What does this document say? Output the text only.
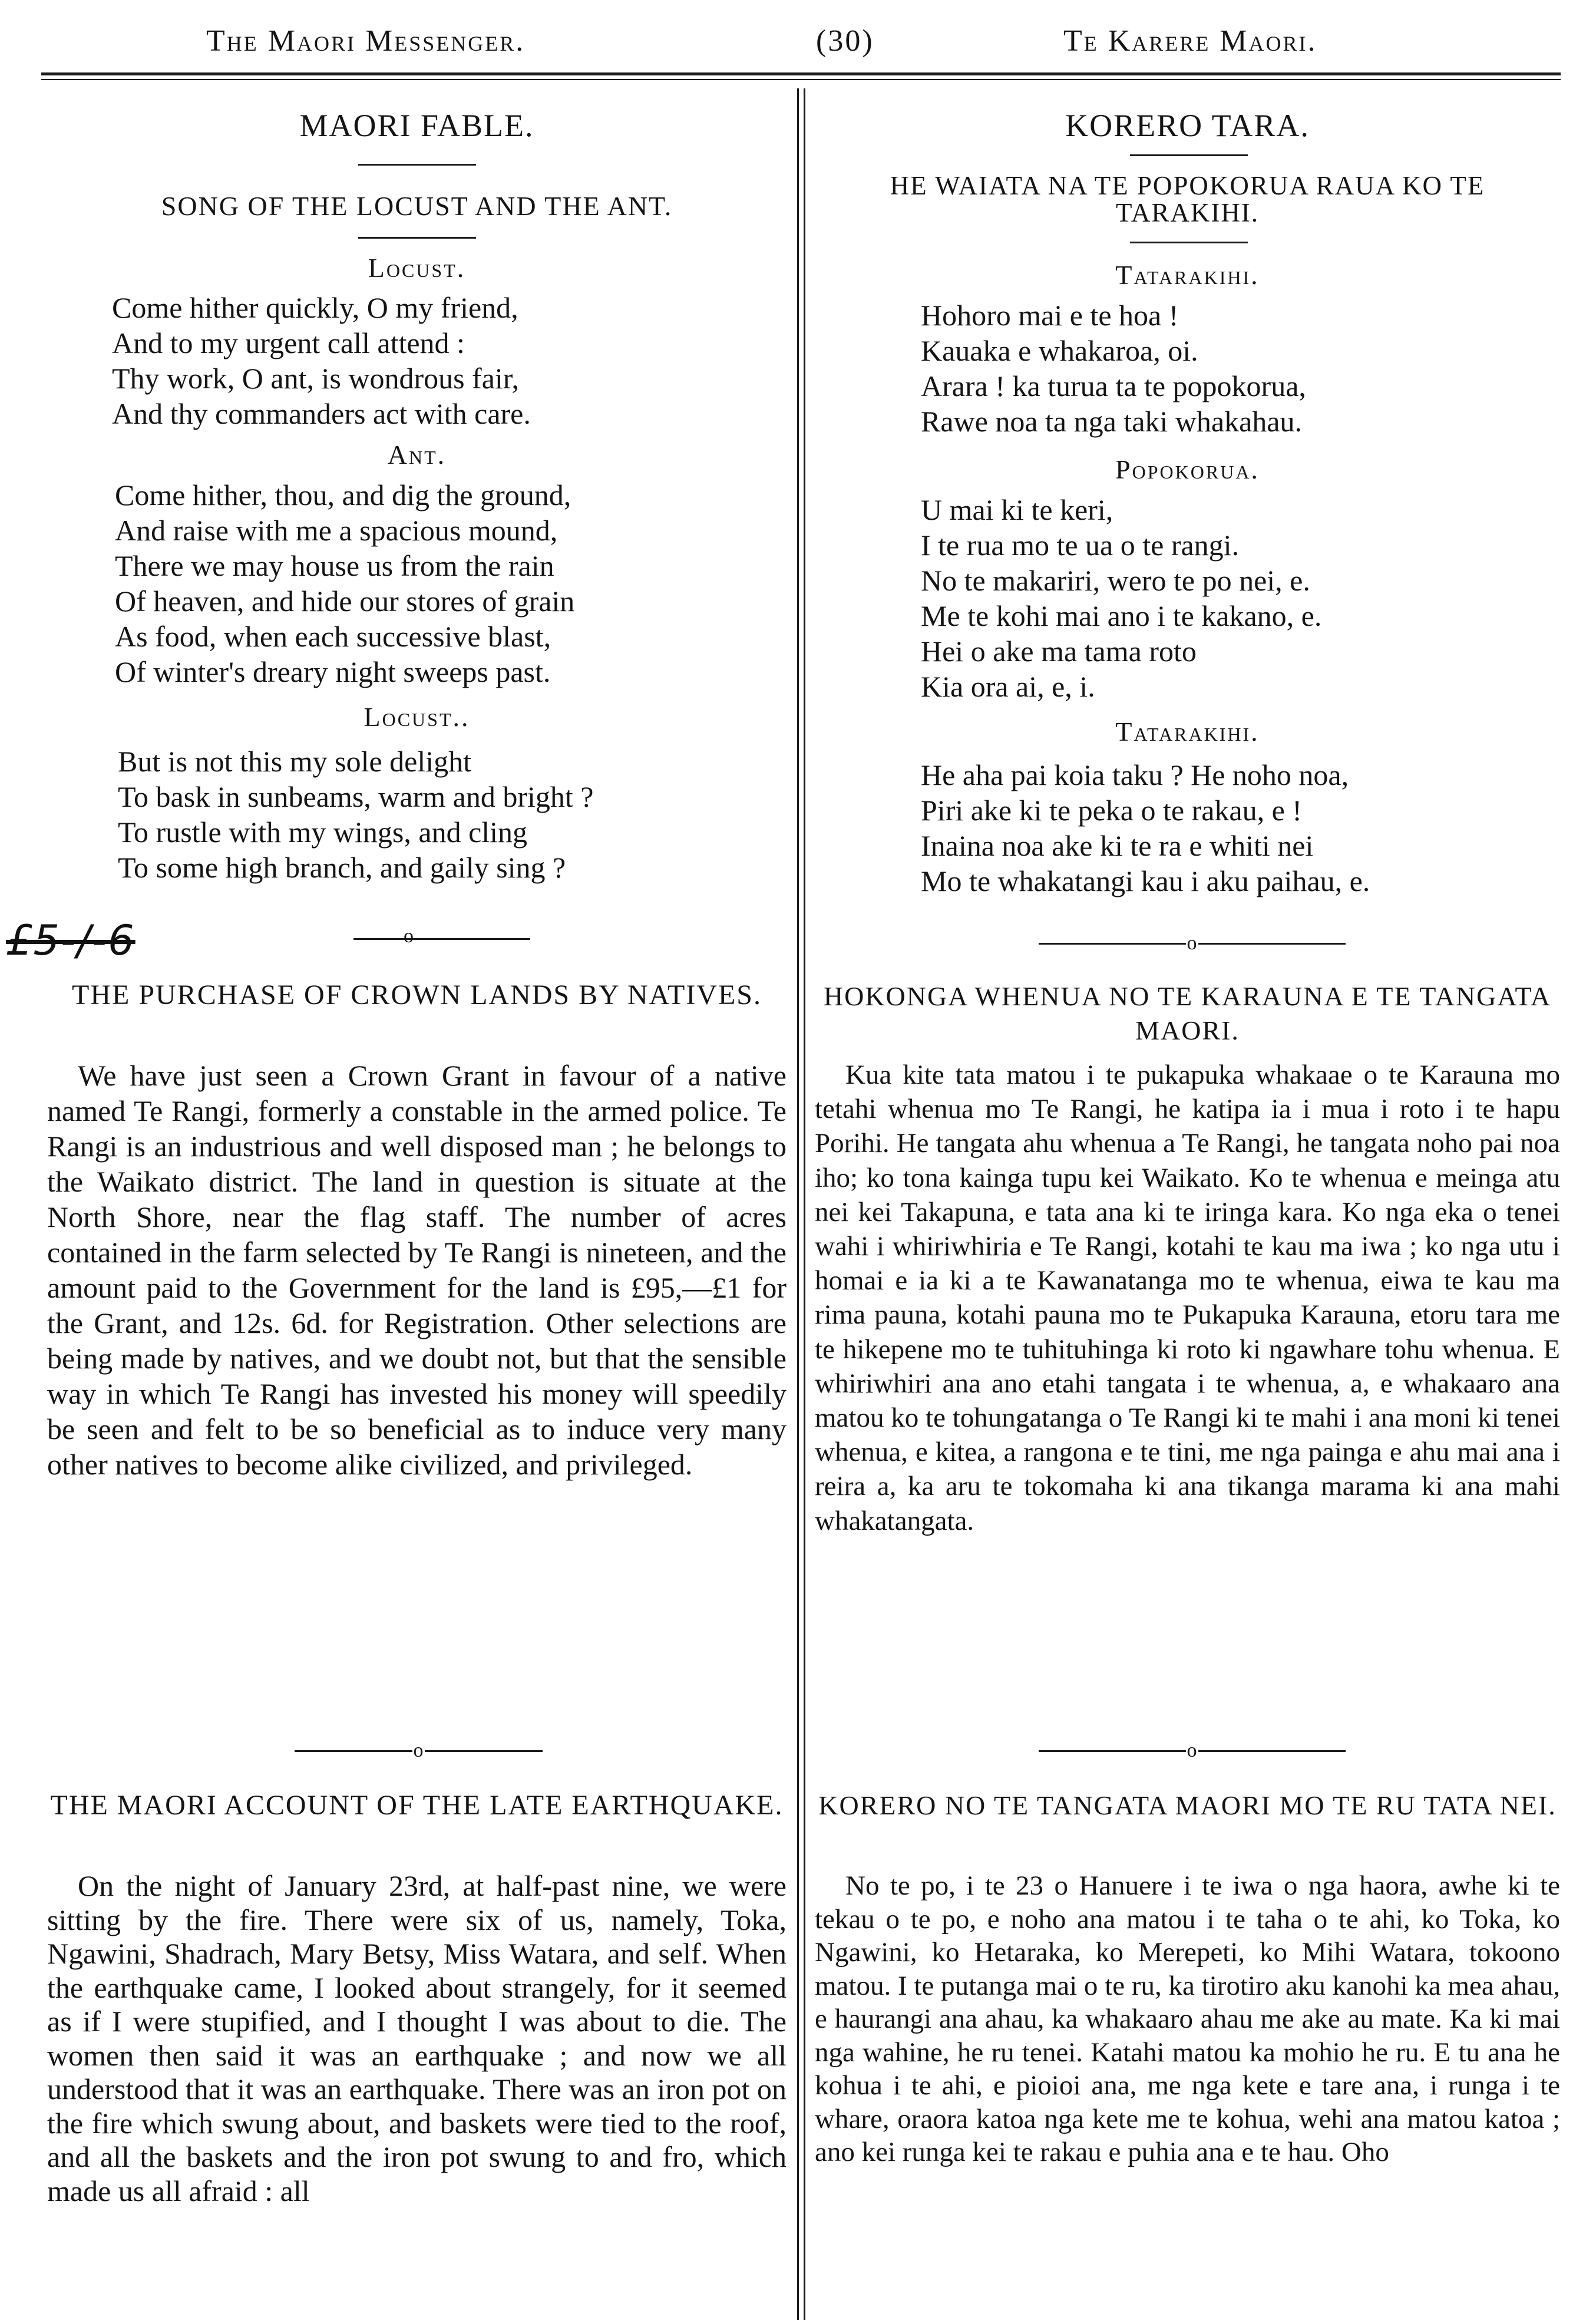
The Maori Messenger.	(30)	Te Karere Maori.
MAORI FABLE.
SONG OF THE LOCUST AND THE ANT.
Locust.
Come hither quickly, O my friend,
And to my urgent call attend :
Thy work, O ant, is wondrous fair,
And thy commanders act with care.
Ant.
Come hither, thou, and dig the ground,
And raise with me a spacious mound,
There we may house us from the rain
Of heaven, and hide our stores of grain
As food, when each successive blast,
Of winter's dreary night sweeps past.
Locust..
But is not this my sole delight
To bask in sunbeams, warm and bright ?
To rustle with my wings, and cling
To some high branch, and gaily sing ?
£5-/-6	o
THE PURCHASE OF CROWN LANDS BY NATIVES.
We have just seen a Crown Grant in favour of a native named Te Rangi, formerly a constable in the armed police. Te Rangi is an industrious and well disposed man ; he belongs to the Waikato district. The land in question is situate at the North Shore, near the flag staff. The number of acres contained in the farm selected by Te Rangi is nineteen, and the amount paid to the Government for the land is £95,—£1 for the Grant, and 12s. 6d. for Registration. Other selections are being made by natives, and we doubt not, but that the sensible way in which Te Rangi has invested his money will speedily be seen and felt to be so beneficial as to induce very many other natives to become alike civilized, and privileged.
o
THE MAORI ACCOUNT OF THE LATE EARTHQUAKE.
On the night of January 23rd, at half-past nine, we were sitting by the fire. There were six of us, namely, Toka, Ngawini, Shadrach, Mary Betsy, Miss Watara, and self. When the earthquake came, I looked about strangely, for it seemed as if I were stupified, and I thought I was about to die. The women then said it was an earthquake ; and now we all understood that it was an earthquake. There was an iron pot on the fire which swung about, and baskets were tied to the roof, and all the baskets and the iron pot swung to and fro, which made us all afraid : all
KORERO TARA.
HE WAIATA NA TE POPOKORUA RAUA KO TE TARAKIHI.
Tatarakihi.
Hohoro mai e te hoa !
Kauaka e whakaroa, oi.
Arara ! ka turua ta te popokorua,
Rawe noa ta nga taki whakahau.
Popokorua.
U mai ki te keri,
I te rua mo te ua o te rangi.
No te makariri, wero te po nei, e.
Me te kohi mai ano i te kakano, e.
Hei o ake ma tama roto
Kia ora ai, e, i.
Tatarakihi.
He aha pai koia taku ? He noho noa,
Piri ake ki te peka o te rakau, e !
Inaina noa ake ki te ra e whiti nei
Mo te whakatangi kau i aku paihau, e.
o
HOKONGA WHENUA NO TE KARAUNA E TE TANGATA MAORI.
Kua kite tata matou i te pukapuka whakaae o te Karauna mo tetahi whenua mo Te Rangi, he katipa ia i mua i roto i te hapu Porihi. He tangata ahu whenua a Te Rangi, he tangata noho pai noa iho; ko tona kainga tupu kei Waikato. Ko te whenua e meinga atu nei kei Takapuna, e tata ana ki te iringa kara. Ko nga eka o tenei wahi i whiriwhiria e Te Rangi, kotahi te kau ma iwa ; ko nga utu i homai e ia ki a te Kawanatanga mo te whenua, eiwa te kau ma rima pauna, kotahi pauna mo te Pukapuka Karauna, etoru tara me te hikepene mo te tuhituhinga ki roto ki ngawhare tohu whenua. E whiriwhiri ana ano etahi tangata i te whenua, a, e whakaaro ana matou ko te tohungatanga o Te Rangi ki te mahi i ana moni ki tenei whenua, e kitea, a rangona e te tini, me nga painga e ahu mai ana i reira a, ka aru te tokomaha ki ana tikanga marama ki ana mahi whakatangata.
o
KORERO NO TE TANGATA MAORI MO TE RU TATA NEI.
No te po, i te 23 o Hanuere i te iwa o nga haora, awhe ki te tekau o te po, e noho ana matou i te taha o te ahi, ko Toka, ko Ngawini, ko Hetaraka, ko Merepeti, ko Mihi Watara, tokoono matou. I te putanga mai o te ru, ka tirotiro aku kanohi ka mea ahau, e haurangi ana ahau, ka whakaaro ahau me ake au mate. Ka ki mai nga wahine, he ru tenei. Katahi matou ka mohio he ru. E tu ana he kohua i te ahi, e pioioi ana, me nga kete e tare ana, i runga i te whare, oraora katoa nga kete me te kohua, wehi ana matou katoa ; ano kei runga kei te rakau e puhia ana e te hau. Oho
